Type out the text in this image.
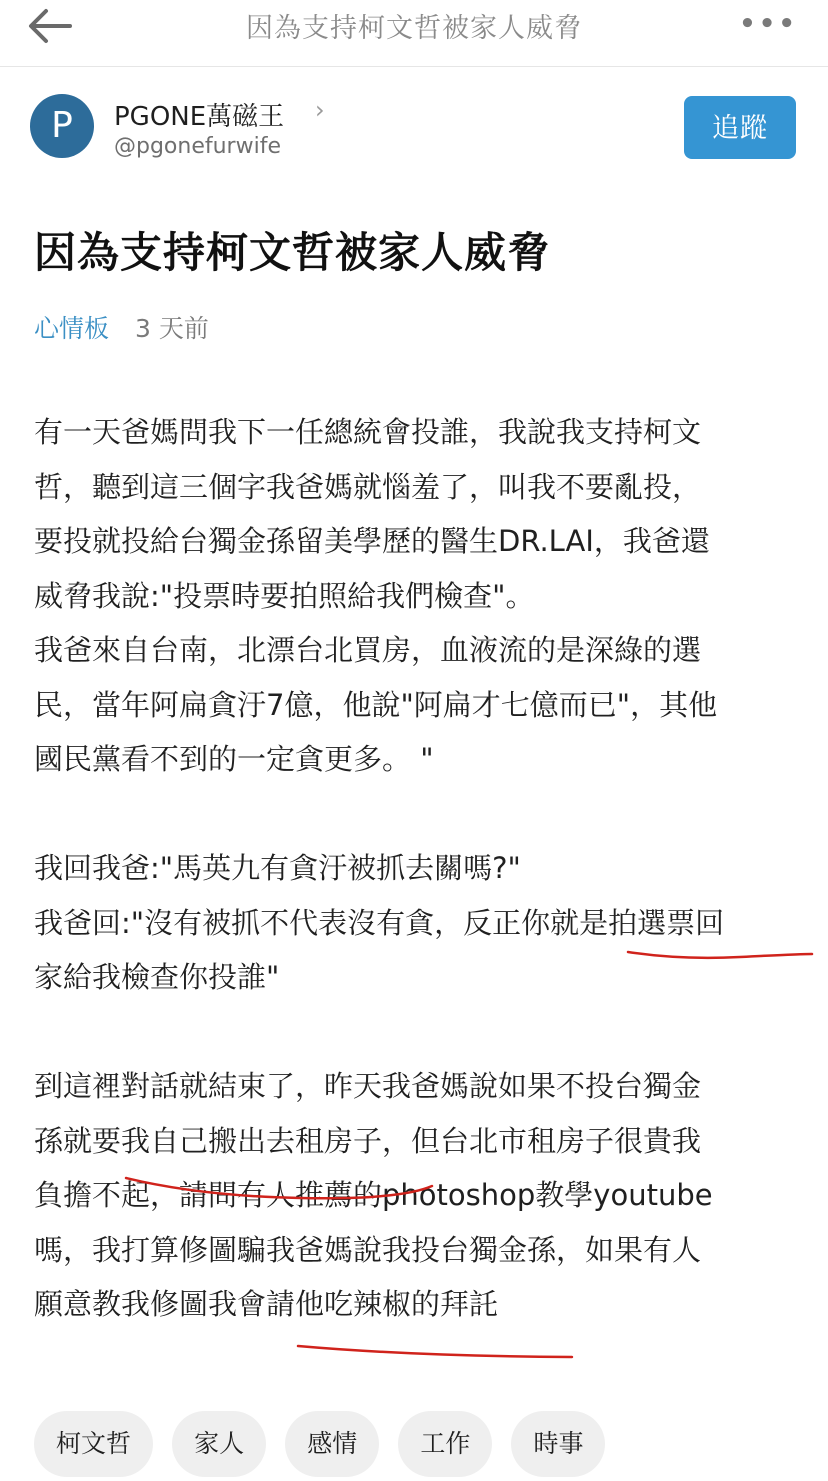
因為支持柯文哲被家人威脅	•••
P	PGONE萬磁王 ›
@pgonefurwife
追蹤
因為支持柯文哲被家人威脅
心情板 3 天前

有一天爸媽問我下一任總統會投誰，我說我支持柯文

哲，聽到這三個字我爸媽就惱羞了，叫我不要亂投，

要投就投給台獨金孫留美學歷的醫生DR.LAI，我爸還

威脅我說:"投票時要拍照給我們檢查"。

我爸來自台南，北漂台北買房，血液流的是深綠的選

民，當年阿扁貪汙7億，他說"阿扁才七億而已"，其他

國民黨看不到的一定貪更多。 "

我回我爸:"馬英九有貪汙被抓去關嗎?"

我爸回:"沒有被抓不代表沒有貪，反正你就是拍選票回

家給我檢查你投誰"

到這裡對話就結束了，昨天我爸媽說如果不投台獨金

孫就要我自己搬出去租房子，但台北市租房子很貴我

負擔不起，請問有人推薦的photoshop教學youtube

嗎，我打算修圖騙我爸媽說我投台獨金孫，如果有人

願意教我修圖我會請他吃辣椒的拜託

柯文哲	家人	感情	工作	時事
